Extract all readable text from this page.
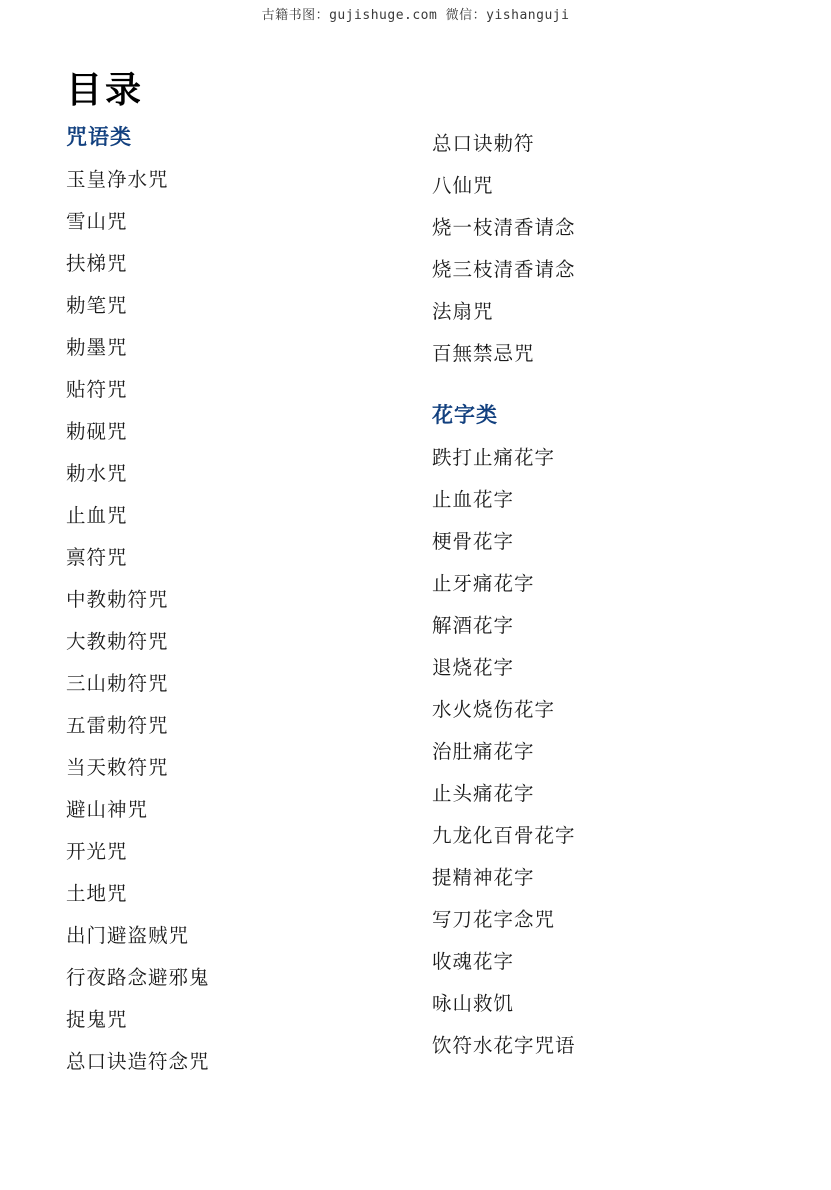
古籍书图：gujishuge.com 微信：yishanguji
目录
咒语类
玉皇净水咒
雪山咒
扶梯咒
勅笔咒
勅墨咒
贴符咒
勅砚咒
勅水咒
止血咒
禀符咒
中教勅符咒
大教勅符咒
三山勅符咒
五雷勅符咒
当天敕符咒
避山神咒
开光咒
土地咒
出门避盗贼咒
行夜路念避邪鬼
捉鬼咒
总口诀造符念咒
总口诀勅符
八仙咒
烧一枝清香请念
烧三枝清香请念
法扇咒
百無禁忌咒
花字类
跌打止痛花字
止血花字
梗骨花字
止牙痛花字
解酒花字
退烧花字
水火烧伤花字
治肚痛花字
止头痛花字
九龙化百骨花字
提精神花字
写刀花字念咒
收魂花字
咏山救饥
饮符水花字咒语
